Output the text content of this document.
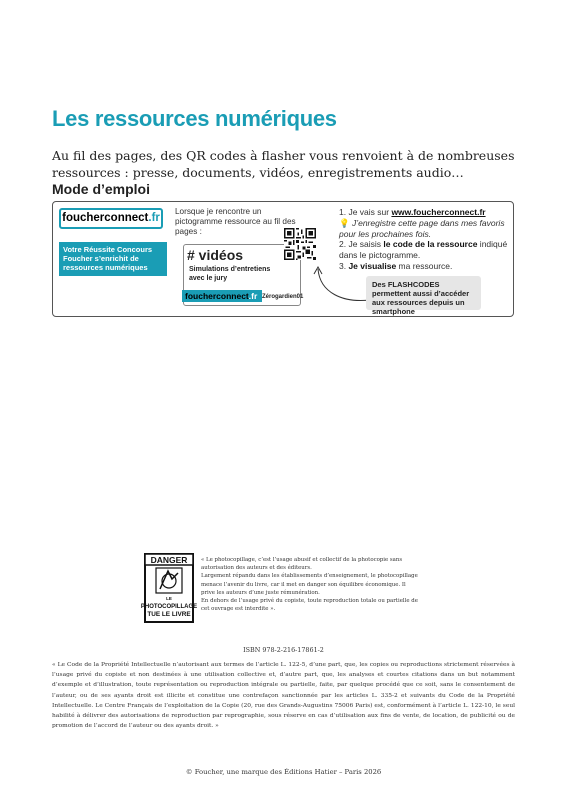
Les ressources numériques

Au fil des pages, des QR codes à flasher vous renvoient à de nombreuses ressources : presse, documents, vidéos, enregistrements audio…

Mode d’emploi
foucherconnect.fr
Votre Réussite Concours Foucher s’enrichit de ressources numériques
Lorsque je rencontre un pictogramme ressource au fil des pages :
# vidéos
Simulations d’entretiens avec le jury
foucherconnect.fr Zérogardien01
1. Je vais sur www.foucherconnect.fr
💡 J’enregistre cette page dans mes favoris pour les prochaines fois.
2. Je saisis le code de la ressource indiqué dans le pictogramme.
3. Je visualise ma ressource.
Des FLASHCODES permettent aussi d’accéder aux ressources depuis un smartphone
DANGER
LE
PHOTOCOPILLAGE
TUE LE LIVRE

« Le photocopillage, c’est l’usage abusif et collectif de la photocopie sans autorisation des auteurs et des éditeurs.

Largement répandu dans les établissements d’enseignement, le photocopillage menace l’avenir du livre, car il met en danger son équilibre économique. Il prive les auteurs d’une juste rémunération.

En dehors de l’usage privé du copiste, toute reproduction totale ou partielle de cet ouvrage est interdite ».

ISBN 978-2-216-17861-2

« Le Code de la Propriété Intellectuelle n’autorisant aux termes de l’article L. 122-5, d’une part, que, les copies ou reproductions strictement réservées à l’usage privé du copiste et non destinées à une utilisation collective et, d’autre part, que, les analyses et courtes citations dans un but notamment d’exemple et d’illustration, toute représentation ou reproduction intégrale ou partielle, faite, par quelque procédé que ce soit, sans le consentement de l’auteur, ou de ses ayants droit est illicite et constitue une contrefaçon sanctionnée par les articles L. 335-2 et suivants du Code de la Propriété Intellectuelle. Le Centre Français de l’exploitation de la Copie (20, rue des Grands-Augustins 75006 Paris) est, conformément à l’article L. 122-10, le seul habilité à délivrer des autorisations de reproduction par reprographie, sous réserve en cas d’utilisation aux fins de vente, de location, de publicité ou de promotion de l’accord de l’auteur ou des ayants droit. »

© Foucher, une marque des Éditions Hatier – Paris 2026
